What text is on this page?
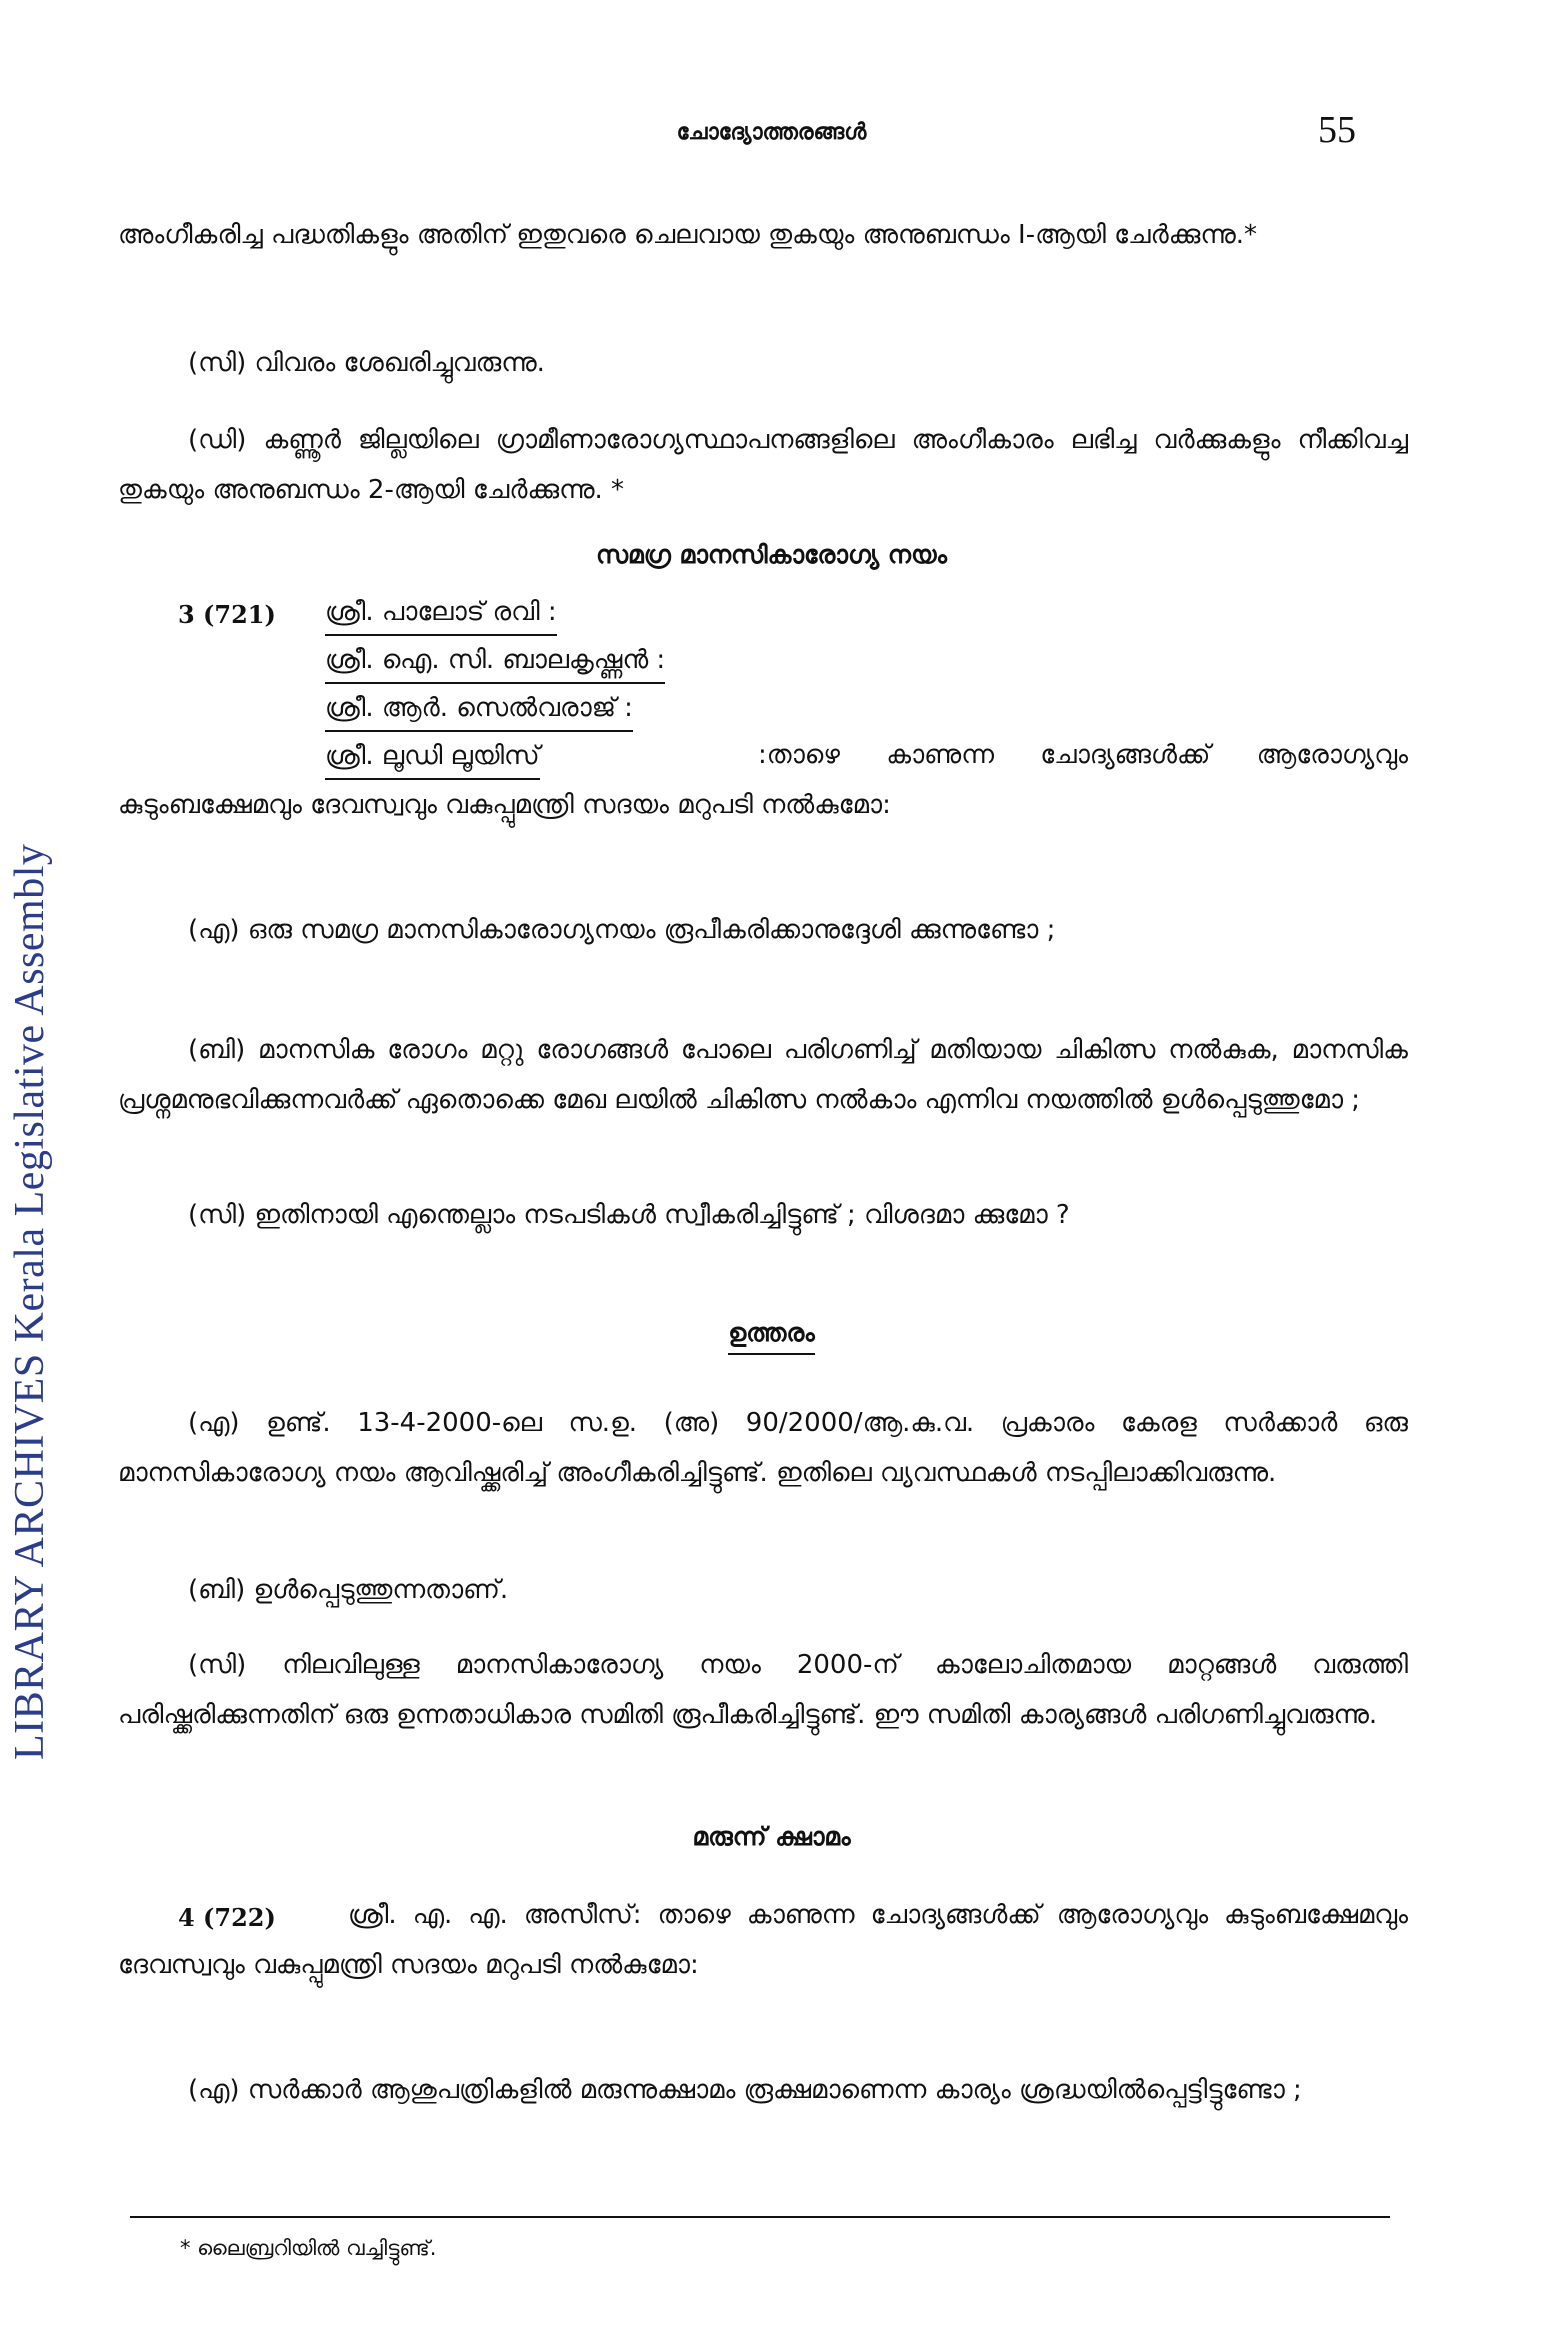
LIBRARY ARCHIVES Kerala Legislative Assembly
ചോദ്യോത്തരങ്ങൾ	55
അംഗീകരിച്ച പദ്ധതികളും അതിന് ഇതുവരെ ചെലവായ തുകയും അനുബന്ധം I-ആയി ചേർക്കുന്നു.*
(സി) വിവരം ശേഖരിച്ചുവരുന്നു.
(ഡി) കണ്ണൂർ ജില്ലയിലെ ഗ്രാമീണാരോഗ്യസ്ഥാപനങ്ങളിലെ അംഗീകാരം ലഭിച്ച വർക്കുകളും നീക്കിവച്ച തുകയും അനുബന്ധം 2-ആയി ചേർക്കുന്നു. *
സമഗ്ര മാനസികാരോഗ്യ നയം
3 (721) ശ്രീ. പാലോട് രവി :
ശ്രീ. ഐ. സി. ബാലകൃഷ്ണൻ :
ശ്രീ. ആർ. സെൽവരാജ് :
ശ്രീ. ലൂഡി ലൂയിസ്	:താഴെ കാണുന്ന ചോദ്യങ്ങൾക്ക് ആരോഗ്യവും കുടുംബക്ഷേമവും ദേവസ്വവും വകുപ്പുമന്ത്രി സദയം മറുപടി നൽകുമോ:
(എ) ഒരു സമഗ്ര മാനസികാരോഗ്യനയം രൂപീകരിക്കാനുദ്ദേശി ക്കുന്നുണ്ടോ ;
(ബി) മാനസിക രോഗം മറ്റു രോഗങ്ങൾ പോലെ പരിഗണിച്ച് മതിയായ ചികിത്സ നൽകുക, മാനസിക പ്രശ്നമനുഭവിക്കുന്നവർക്ക് ഏതൊക്കെ മേഖ ലയിൽ ചികിത്സ നൽകാം എന്നിവ നയത്തിൽ ഉൾപ്പെടുത്തുമോ ;
(സി) ഇതിനായി എന്തെല്ലാം നടപടികൾ സ്വീകരിച്ചിട്ടുണ്ട് ; വിശദമാ ക്കുമോ ?
ഉത്തരം
(എ) ഉണ്ട്. 13-4-2000-ലെ സ.ഉ. (അ) 90/2000/ആ.കു.വ. പ്രകാരം കേരള സർക്കാർ ഒരു മാനസികാരോഗ്യ നയം ആവിഷ്ക്കരിച്ച് അംഗീകരിച്ചിട്ടുണ്ട്. ഇതിലെ വ്യവസ്ഥകൾ നടപ്പിലാക്കിവരുന്നു.
(ബി) ഉൾപ്പെടുത്തുന്നതാണ്.
(സി) നിലവിലുള്ള മാനസികാരോഗ്യ നയം 2000-ന് കാലോചിതമായ മാറ്റങ്ങൾ വരുത്തി പരിഷ്ക്കരിക്കുന്നതിന് ഒരു ഉന്നതാധികാര സമിതി രൂപീകരിച്ചിട്ടുണ്ട്. ഈ സമിതി കാര്യങ്ങൾ പരിഗണിച്ചുവരുന്നു.
മരുന്ന് ക്ഷാമം
4 (722)	ശ്രീ. എ. എ. അസീസ്: താഴെ കാണുന്ന ചോദ്യങ്ങൾക്ക് ആരോഗ്യവും കുടുംബക്ഷേമവും ദേവസ്വവും വകുപ്പുമന്ത്രി സദയം മറുപടി നൽകുമോ:
(എ) സർക്കാർ ആശുപത്രികളിൽ മരുന്നുക്ഷാമം രൂക്ഷമാണെന്ന കാര്യം ശ്രദ്ധയിൽപ്പെട്ടിട്ടുണ്ടോ ;
* ലൈബ്രറിയിൽ വച്ചിട്ടുണ്ട്.
